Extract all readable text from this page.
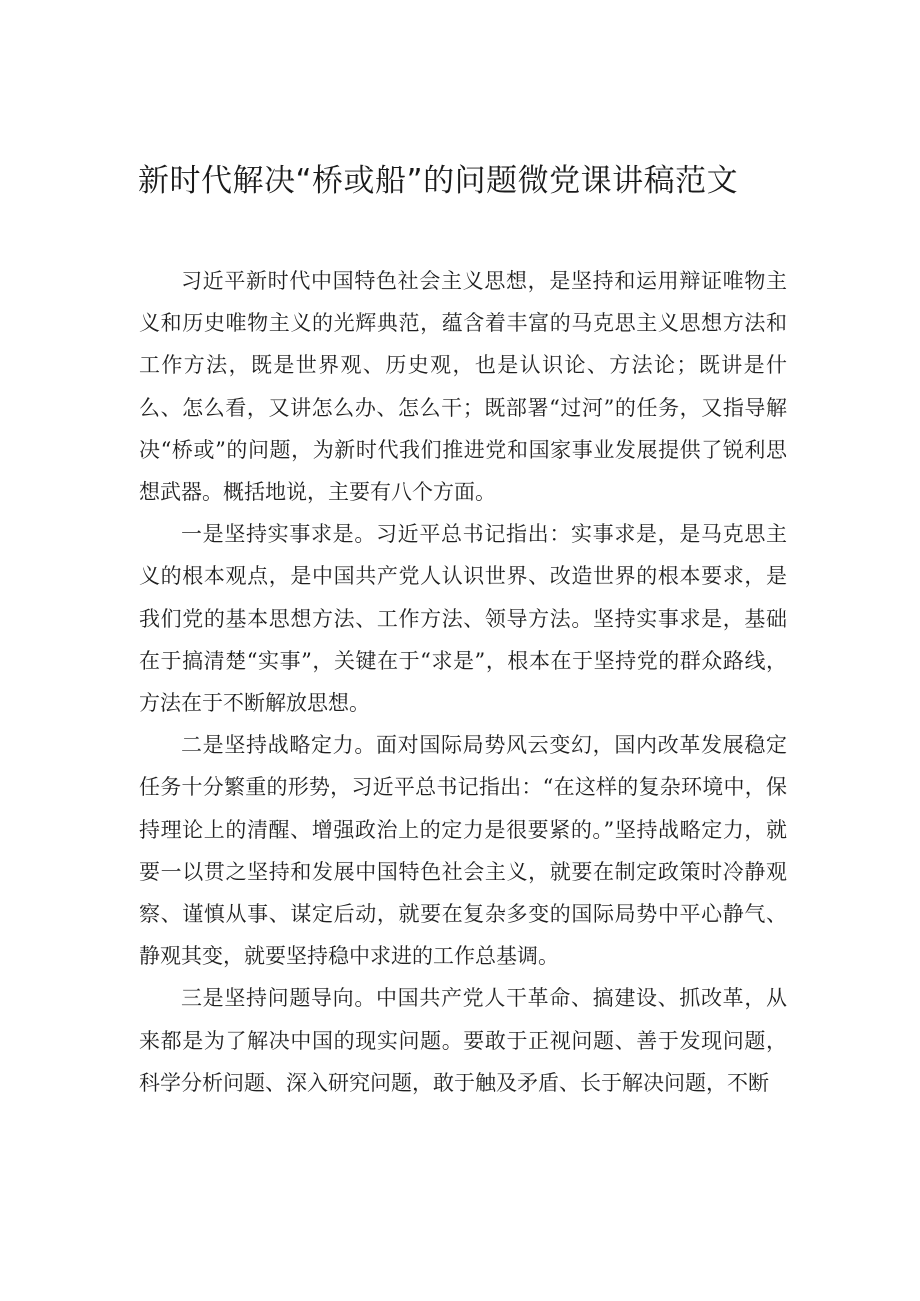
新时代解决“桥或船”的问题微党课讲稿范文

习近平新时代中国特色社会主义思想，是坚持和运用辩证唯物主义和历史唯物主义的光辉典范，蕴含着丰富的马克思主义思想方法和工作方法，既是世界观、历史观，也是认识论、方法论；既讲是什么、怎么看，又讲怎么办、怎么干；既部署“过河”的任务，又指导解决“桥或”的问题，为新时代我们推进党和国家事业发展提供了锐利思想武器。概括地说，主要有八个方面。

一是坚持实事求是。习近平总书记指出：实事求是，是马克思主义的根本观点，是中国共产党人认识世界、改造世界的根本要求，是我们党的基本思想方法、工作方法、领导方法。坚持实事求是，基础在于搞清楚“实事”，关键在于“求是”，根本在于坚持党的群众路线，方法在于不断解放思想。

二是坚持战略定力。面对国际局势风云变幻，国内改革发展稳定任务十分繁重的形势，习近平总书记指出：“在这样的复杂环境中，保持理论上的清醒、增强政治上的定力是很要紧的。”坚持战略定力，就要一以贯之坚持和发展中国特色社会主义，就要在制定政策时冷静观察、谨慎从事、谋定后动，就要在复杂多变的国际局势中平心静气、静观其变，就要坚持稳中求进的工作总基调。

三是坚持问题导向。中国共产党人干革命、搞建设、抓改革，从来都是为了解决中国的现实问题。要敢于正视问题、善于发现问题，科学分析问题、深入研究问题，敢于触及矛盾、长于解决问题，不断
